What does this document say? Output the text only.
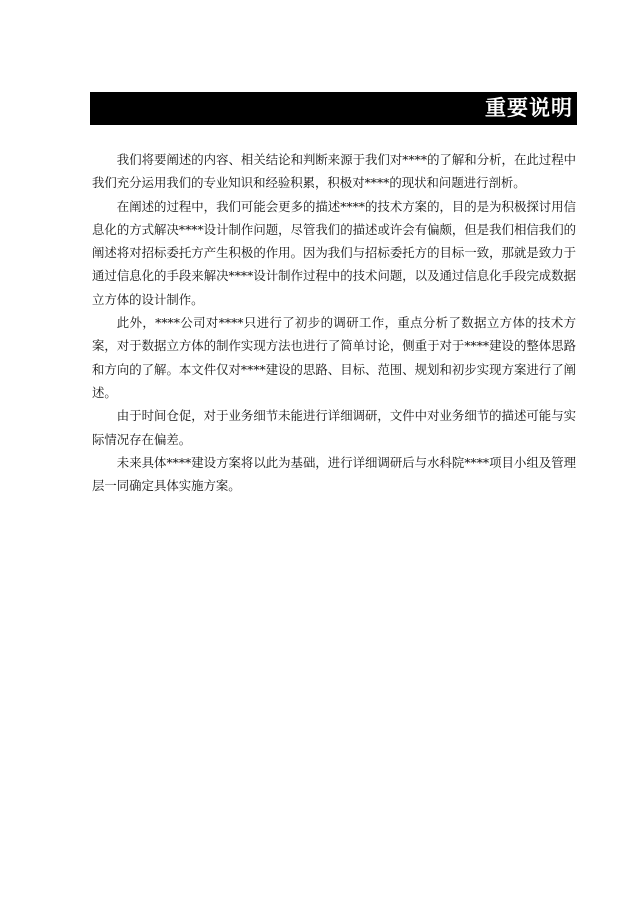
重要说明

我们将要阐述的内容、相关结论和判断来源于我们对****的了解和分析，在此过程中我们充分运用我们的专业知识和经验积累，积极对****的现状和问题进行剖析。

在阐述的过程中，我们可能会更多的描述****的技术方案的，目的是为积极探讨用信息化的方式解决****设计制作问题，尽管我们的描述或许会有偏颇，但是我们相信我们的阐述将对招标委托方产生积极的作用。因为我们与招标委托方的目标一致，那就是致力于通过信息化的手段来解决****设计制作过程中的技术问题，以及通过信息化手段完成数据立方体的设计制作。

此外，****公司对****只进行了初步的调研工作，重点分析了数据立方体的技术方案，对于数据立方体的制作实现方法也进行了简单讨论，侧重于对于****建设的整体思路和方向的了解。本文件仅对****建设的思路、目标、范围、规划和初步实现方案进行了阐述。

由于时间仓促，对于业务细节未能进行详细调研，文件中对业务细节的描述可能与实际情况存在偏差。

未来具体****建设方案将以此为基础，进行详细调研后与水科院****项目小组及管理层一同确定具体实施方案。
